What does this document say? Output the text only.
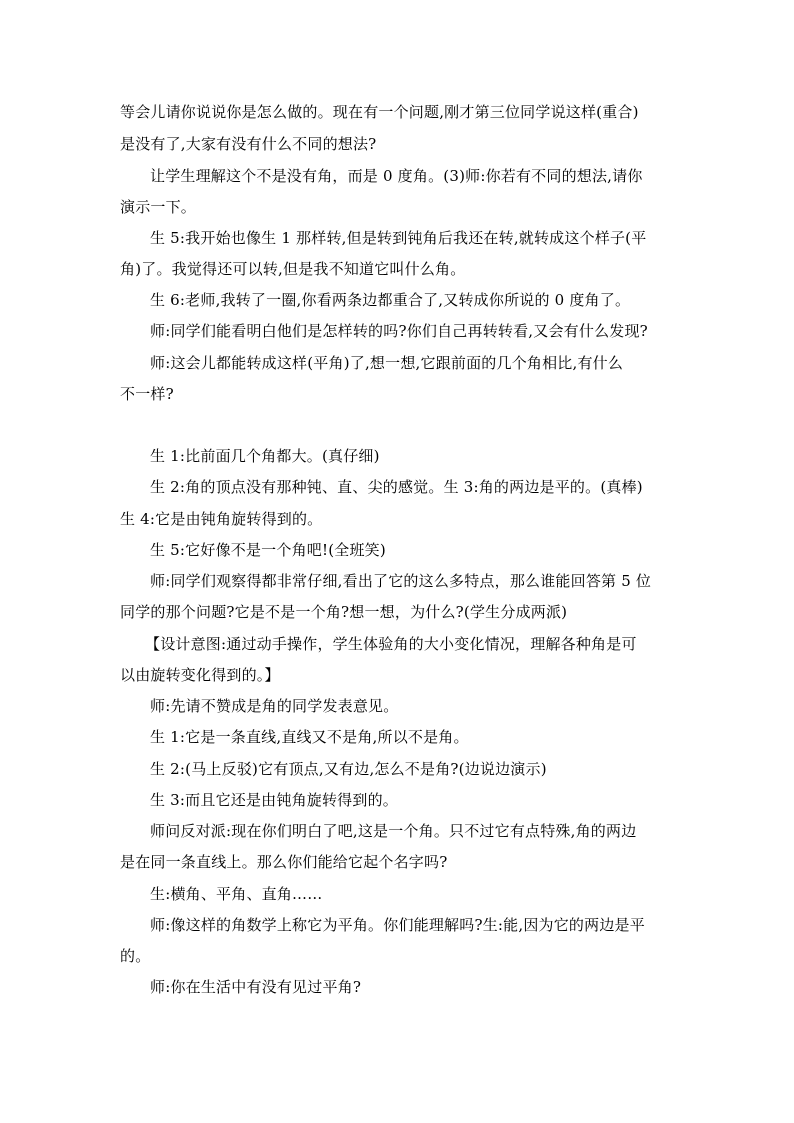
等会儿请你说说你是怎么做的。现在有一个问题,刚才第三位同学说这样(重合)
是没有了,大家有没有什么不同的想法?
让学生理解这个不是没有角，而是 0 度角。(3)师:你若有不同的想法,请你
演示一下。
生 5:我开始也像生 1 那样转,但是转到钝角后我还在转,就转成这个样子(平
角)了。我觉得还可以转,但是我不知道它叫什么角。
生 6:老师,我转了一圈,你看两条边都重合了,又转成你所说的 0 度角了。
师:同学们能看明白他们是怎样转的吗?你们自己再转转看,又会有什么发现?
师:这会儿都能转成这样(平角)了,想一想,它跟前面的几个角相比,有什么
不一样?
生 1:比前面几个角都大。(真仔细)
生 2:角的顶点没有那种钝、直、尖的感觉。生 3:角的两边是平的。(真棒)
生 4:它是由钝角旋转得到的。
生 5:它好像不是一个角吧!(全班笑)
师:同学们观察得都非常仔细,看出了它的这么多特点，那么谁能回答第 5 位
同学的那个问题?它是不是一个角?想一想，为什么?(学生分成两派)
【设计意图:通过动手操作，学生体验角的大小变化情况，理解各种角是可
以由旋转变化得到的。】
师:先请不赞成是角的同学发表意见。
生 1:它是一条直线,直线又不是角,所以不是角。
生 2:(马上反驳)它有顶点,又有边,怎么不是角?(边说边演示)
生 3:而且它还是由钝角旋转得到的。
师问反对派:现在你们明白了吧,这是一个角。只不过它有点特殊,角的两边
是在同一条直线上。那么你们能给它起个名字吗?
生:横角、平角、直角……
师:像这样的角数学上称它为平角。你们能理解吗?生:能,因为它的两边是平
的。
师:你在生活中有没有见过平角?
